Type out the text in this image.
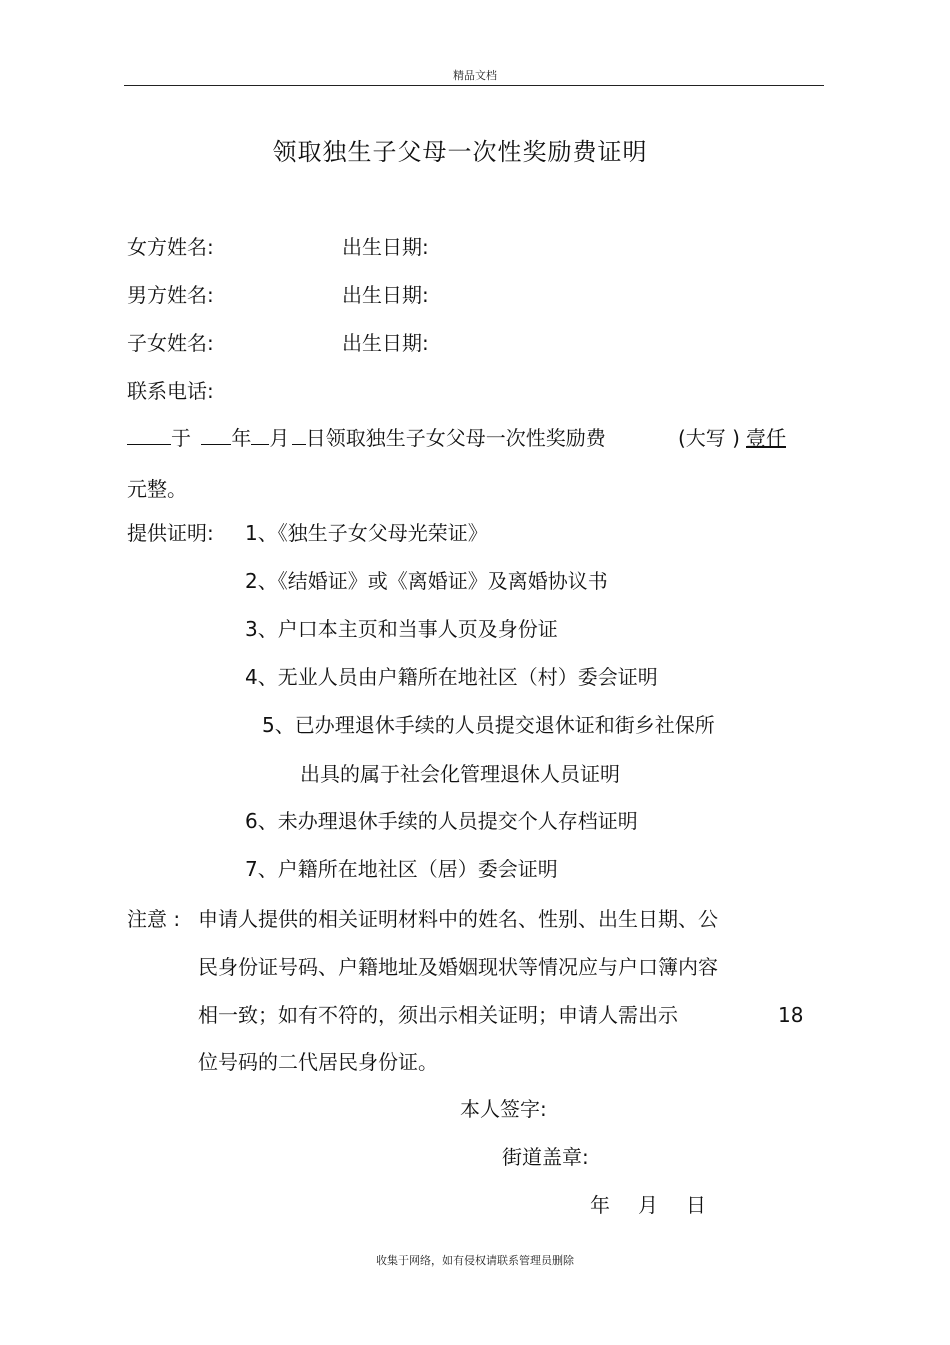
精品文档
领取独生子父母一次性奖励费证明
女方姓名:	出生日期:
男方姓名:	出生日期:
子女姓名:	出生日期:
联系电话:
于 年 月 日领取独生子女父母一次性奖励费	(大写 ) 壹仟
元整。
提供证明: 1、《独生子女父母光荣证》
2、《结婚证》或《离婚证》及离婚协议书
3、户口本主页和当事人页及身份证
4、无业人员由户籍所在地社区（村）委会证明
5、已办理退休手续的人员提交退休证和街乡社保所
出具的属于社会化管理退休人员证明
6、未办理退休手续的人员提交个人存档证明
7、户籍所在地社区（居）委会证明
注意 : 申请人提供的相关证明材料中的姓名、性别、出生日期、公
民身份证号码、户籍地址及婚姻现状等情况应与户口簿内容
相一致；如有不符的，须出示相关证明；申请人需出示	18
位号码的二代居民身份证。
本人签字:
街道盖章:
年 月 日
收集于网络，如有侵权请联系管理员删除
